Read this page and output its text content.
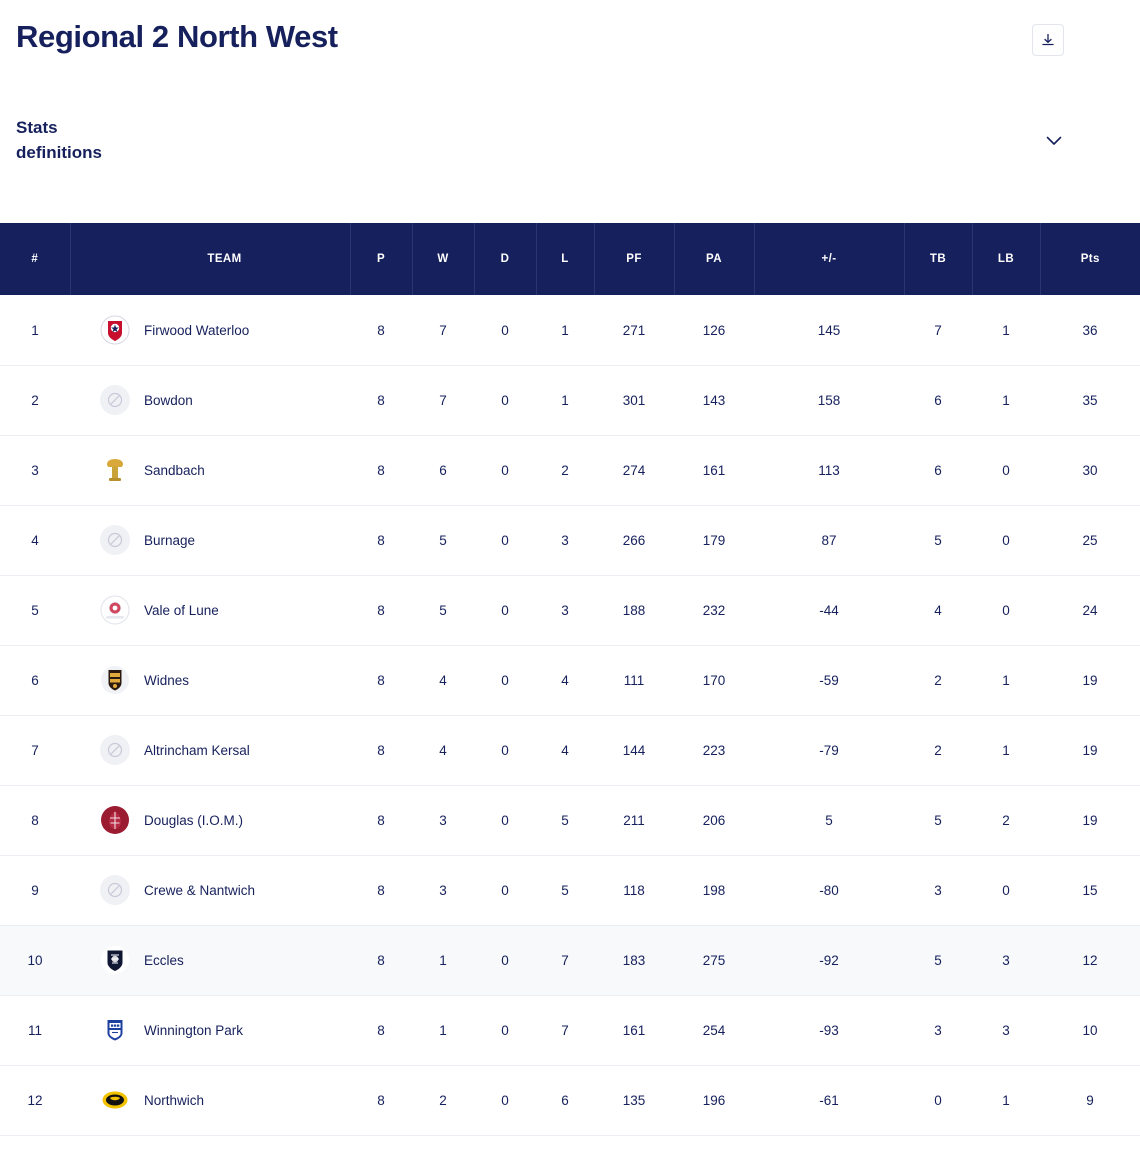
Regional 2 North West
Stats
definitions
#	TEAM	P	W	D	L	PF	PA	+/-	TB	LB	Pts
1	Firwood Waterloo	8	7	0	1	271	126	145	7	1	36
2	Bowdon	8	7	0	1	301	143	158	6	1	35
3	Sandbach	8	6	0	2	274	161	113	6	0	30
4	Burnage	8	5	0	3	266	179	87	5	0	25
5	Vale of Lune	8	5	0	3	188	232	-44	4	0	24
6	Widnes	8	4	0	4	111	170	-59	2	1	19
7	Altrincham Kersal	8	4	0	4	144	223	-79	2	1	19
8	Douglas (I.O.M.)	8	3	0	5	211	206	5	5	2	19
9	Crewe & Nantwich	8	3	0	5	118	198	-80	3	0	15
10	Eccles	8	1	0	7	183	275	-92	5	3	12
11	Winnington Park	8	1	0	7	161	254	-93	3	3	10
12	Northwich	8	2	0	6	135	196	-61	0	1	9
